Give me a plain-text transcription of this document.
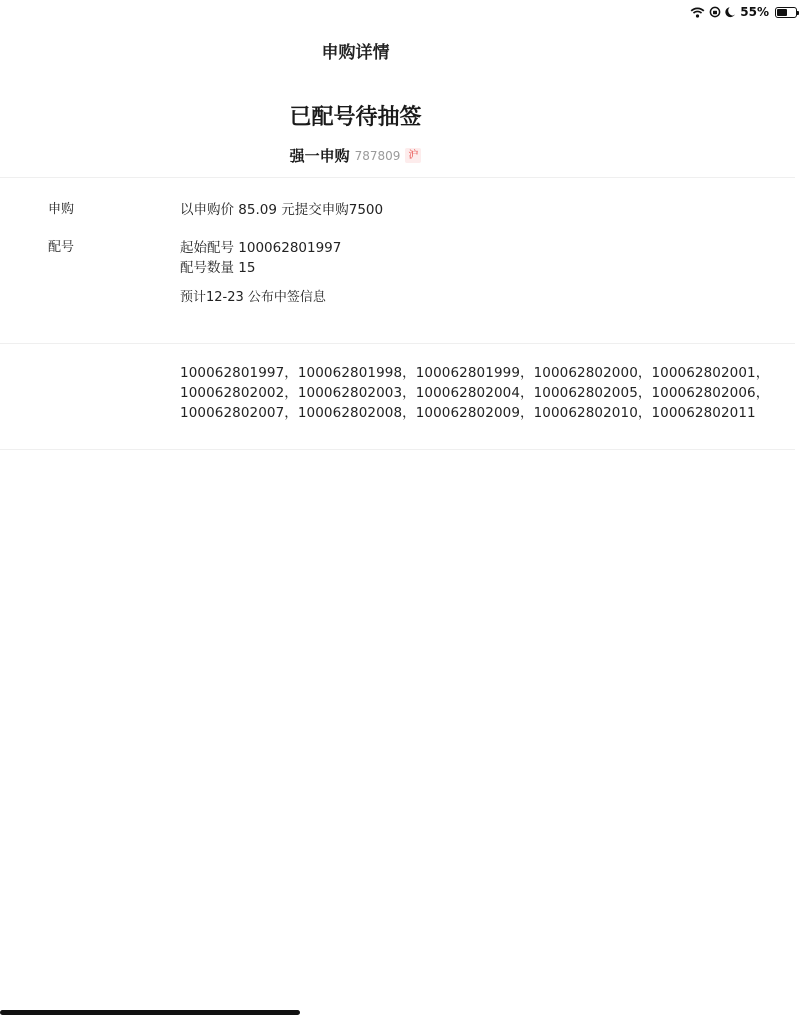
55%
申购详情
已配号待抽签
强一申购 787809 沪
申购	以申购价 85.09 元提交申购7500
配号	起始配号 100062801997
配号数量 15
预计12-23 公布中签信息
100062801997，100062801998，100062801999，100062802000，100062802001，100062802002，100062802003，100062802004，100062802005，100062802006，100062802007，100062802008，100062802009，100062802010，100062802011
